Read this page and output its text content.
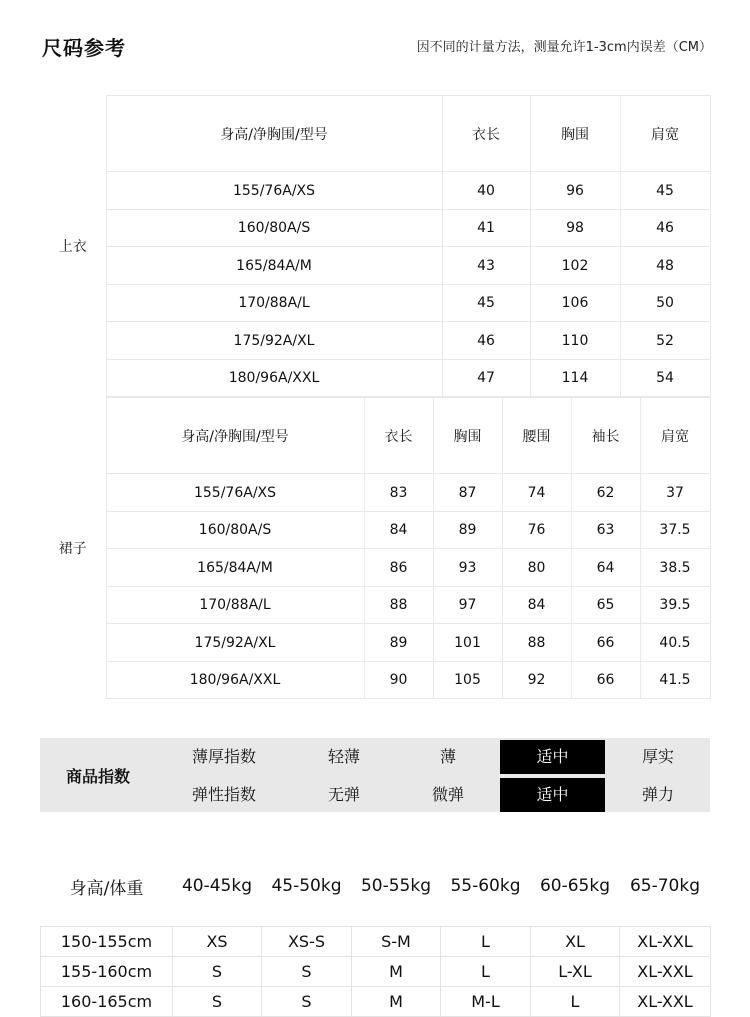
尺码参考	因不同的计量方法，测量允许1-3cm内误差（CM）
上衣	身高/净胸围/型号	衣长	胸围	肩宽
	155/76A/XS	40	96	45
	160/80A/S	41	98	46
	165/84A/M	43	102	48
	170/88A/L	45	106	50
	175/92A/XL	46	110	52
	180/96A/XXL	47	114	54
裙子	身高/净胸围/型号	衣长	胸围	腰围	袖长	肩宽
	155/76A/XS	83	87	74	62	37
	160/80A/S	84	89	76	63	37.5
	165/84A/M	86	93	80	64	38.5
	170/88A/L	88	97	84	65	39.5
	175/92A/XL	89	101	88	66	40.5
	180/96A/XXL	90	105	92	66	41.5
商品指数
薄厚指数	轻薄	薄	适中	厚实
弹性指数	无弹	微弹	适中	弹力
身高/体重	40-45kg	45-50kg	50-55kg	55-60kg	60-65kg	65-70kg

150-155cm	XS	XS-S	S-M	L	XL	XL-XXL
155-160cm	S	S	M	L	L-XL	XL-XXL
160-165cm	S	S	M	M-L	L	XL-XXL
